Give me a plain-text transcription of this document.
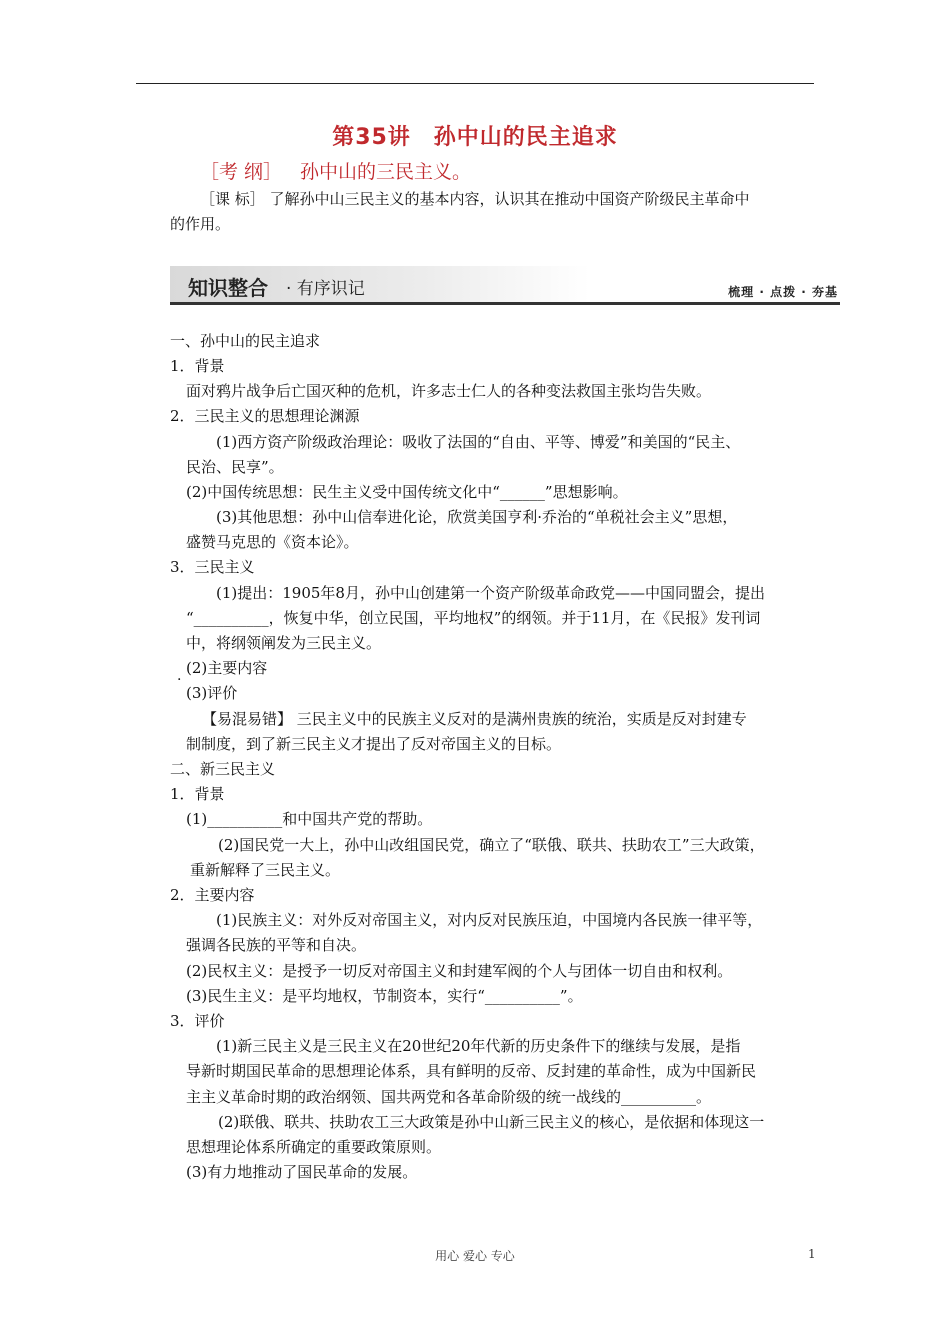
第35讲　孙中山的民主追求
［考 纲］ 孙中山的三民主义。
［课 标］ 了解孙中山三民主义的基本内容，认识其在推动中国资产阶级民主革命中
的作用。
知识整合 · 有序识记	梳理 · 点拨 · 夯基
一、孙中山的民主追求
1．背景
面对鸦片战争后亡国灭种的危机，许多志士仁人的各种变法救国主张均告失败。
2．三民主义的思想理论渊源
(1)西方资产阶级政治理论：吸收了法国的“自由、平等、博爱”和美国的“民主、
民治、民享”。
(2)中国传统思想：民生主义受中国传统文化中“______”思想影响。
(3)其他思想：孙中山信奉进化论，欣赏美国亨利·乔治的“单税社会主义”思想，
盛赞马克思的《资本论》。
3．三民主义
(1)提出：1905年8月，孙中山创建第一个资产阶级革命政党——中国同盟会，提出
“__________，恢复中华，创立民国，平均地权”的纲领。并于11月，在《民报》发刊词
中，将纲领阐发为三民主义。
. (2)主要内容
(3)评价
【易混易错】 三民主义中的民族主义反对的是满州贵族的统治，实质是反对封建专
制制度，到了新三民主义才提出了反对帝国主义的目标。
二、新三民主义
1．背景
(1)__________和中国共产党的帮助。
(2)国民党一大上，孙中山改组国民党，确立了“联俄、联共、扶助农工”三大政策，
重新解释了三民主义。
2．主要内容
(1)民族主义：对外反对帝国主义，对内反对民族压迫，中国境内各民族一律平等，
强调各民族的平等和自决。
(2)民权主义：是授予一切反对帝国主义和封建军阀的个人与团体一切自由和权利。
(3)民生主义：是平均地权，节制资本，实行“__________”。
3．评价
(1)新三民主义是三民主义在20世纪20年代新的历史条件下的继续与发展，是指
导新时期国民革命的思想理论体系，具有鲜明的反帝、反封建的革命性，成为中国新民
主主义革命时期的政治纲领、国共两党和各革命阶级的统一战线的__________。
(2)联俄、联共、扶助农工三大政策是孙中山新三民主义的核心，是依据和体现这一
思想理论体系所确定的重要政策原则。
(3)有力地推动了国民革命的发展。
用心 爱心 专心	1
